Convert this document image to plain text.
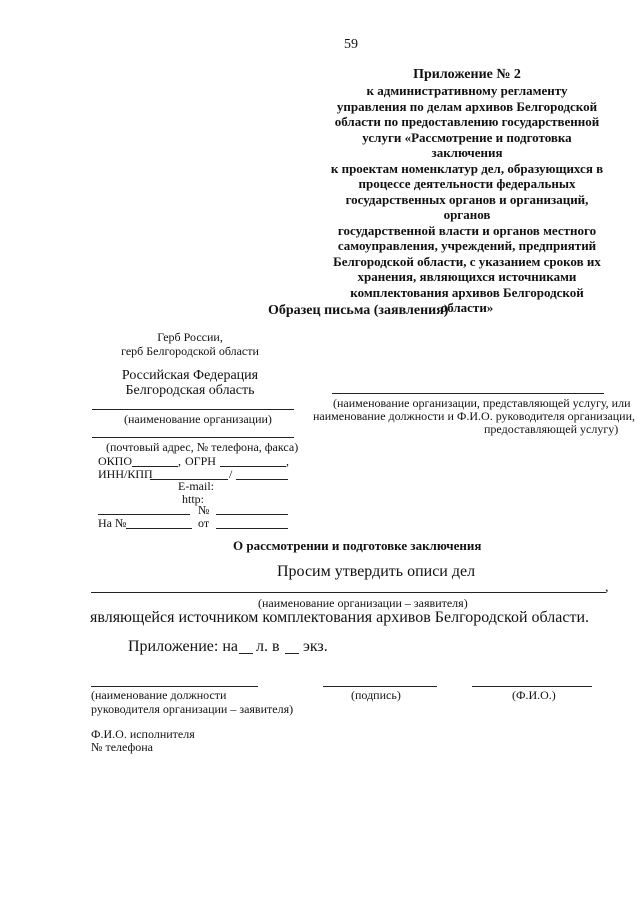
59
Приложение № 2
к административному регламенту
управления по делам архивов Белгородской
области по предоставлению государственной
услуги «Рассмотрение и подготовка заключения
к проектам номенклатур дел, образующихся в
процессе деятельности федеральных
государственных органов и организаций, органов
государственной власти и органов местного
самоуправления, учреждений, предприятий
Белгородской области, с указанием сроков их
хранения, являющихся источниками
комплектования архивов Белгородской области»
Образец письма (заявления)
Герб России,
герб Белгородской области
Российская Федерация
Белгородская область
(наименование организации)
(почтовый адрес, № телефона, факса)
ОКПО	, ОГРН	,
ИНН/КПП	/
E-mail:
http:
№
На №	от
(наименование организации, представляющей услугу, или
наименование должности и Ф.И.О. руководителя организации,
предоставляющей услугу)
О рассмотрении и подготовке заключения
Просим утвердить описи дел
,
(наименование организации – заявителя)
являющейся источником комплектования архивов Белгородской области.
Приложение: на л. в экз.
(наименование должности
руководителя организации – заявителя)
(подпись)	(Ф.И.О.)
Ф.И.О. исполнителя
№ телефона
